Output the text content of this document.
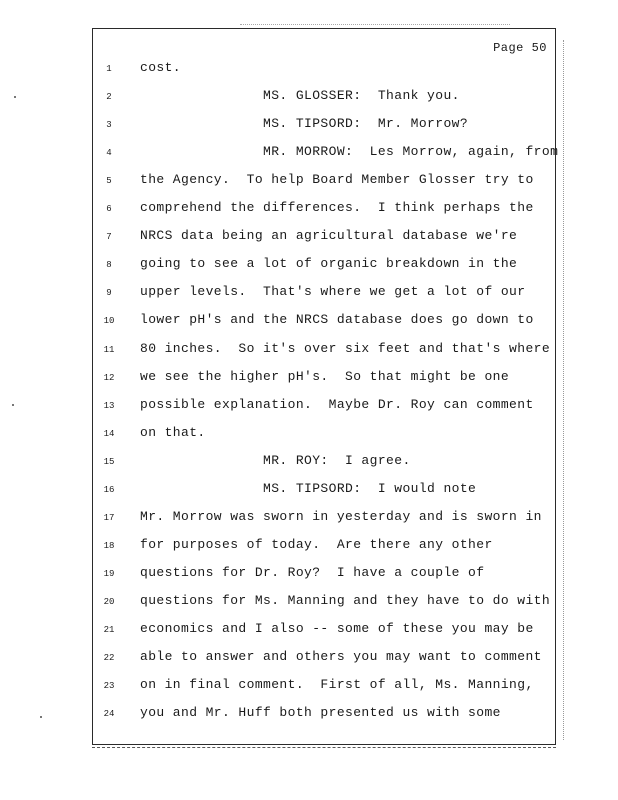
Page 50
1	cost.
2	MS. GLOSSER:  Thank you.
3	MS. TIPSORD:  Mr. Morrow?
4	MR. MORROW:  Les Morrow, again, from
5	the Agency.  To help Board Member Glosser try to
6	comprehend the differences.  I think perhaps the
7	NRCS data being an agricultural database we're
8	going to see a lot of organic breakdown in the
9	upper levels.  That's where we get a lot of our
10 lower pH's and the NRCS database does go down to
11 80 inches.  So it's over six feet and that's where
12 we see the higher pH's.  So that might be one
13 possible explanation.  Maybe Dr. Roy can comment
14 on that.
15 MR. ROY:  I agree.
16 MS. TIPSORD:  I would note
17 Mr. Morrow was sworn in yesterday and is sworn in
18 for purposes of today.  Are there any other
19 questions for Dr. Roy?  I have a couple of
20 questions for Ms. Manning and they have to do with
21 economics and I also -- some of these you may be
22 able to answer and others you may want to comment
23 on in final comment.  First of all, Ms. Manning,
24 you and Mr. Huff both presented us with some
